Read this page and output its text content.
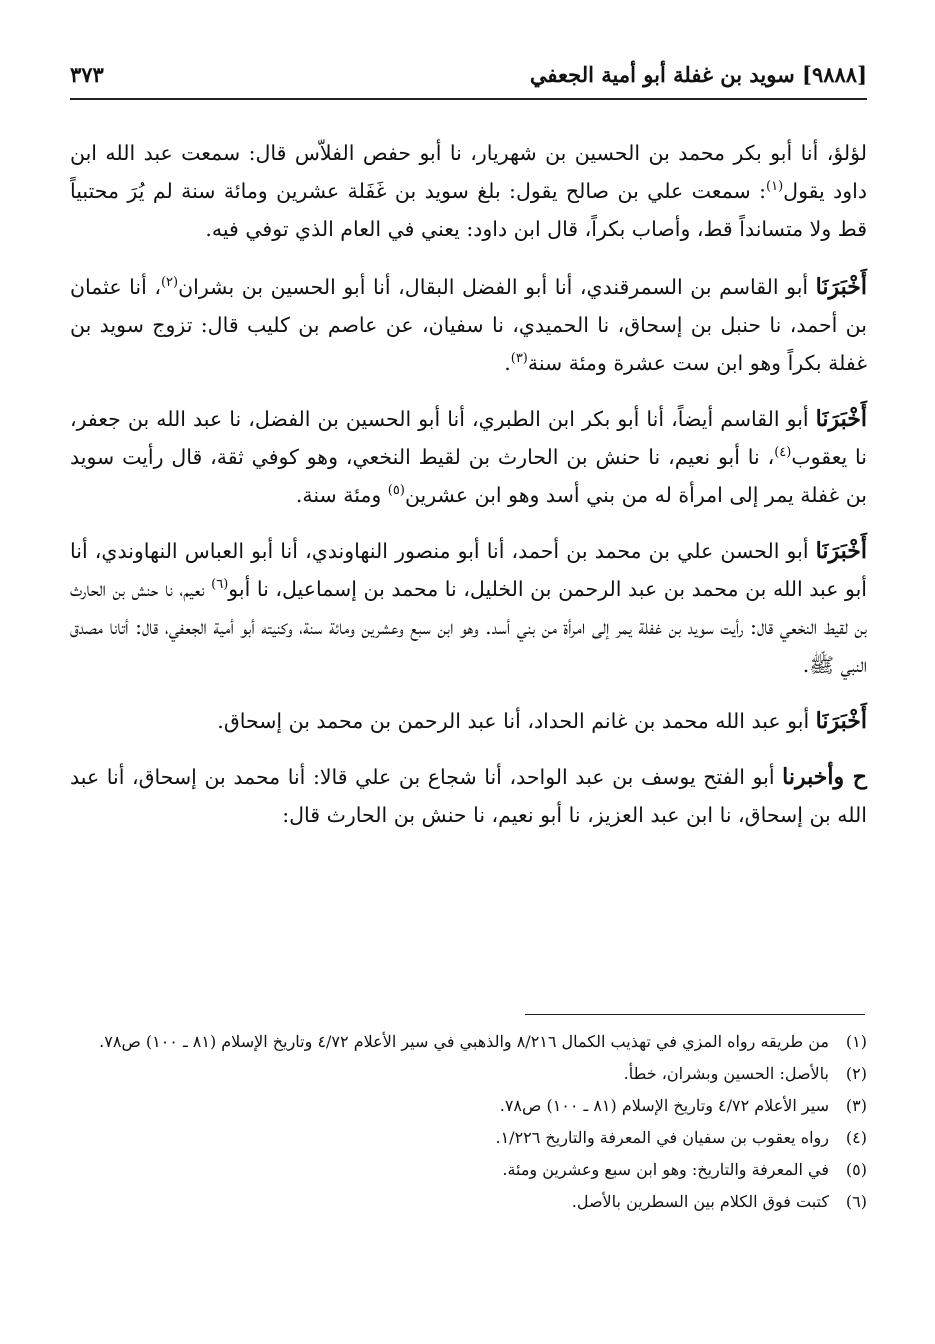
[٩٨٨٨] سويد بن غفلة أبو أمية الجعفي
٣٧٣

لؤلؤ، أنا أبو بكر محمد بن الحسين بن شهريار، نا أبو حفص الفلاّس قال: سمعت عبد الله ابن داود يقول$^{(١)}$: سمعت علي بن صالح يقول: بلغ سويد بن غَفَلة عشرين ومائة سنة لم يُرَ محتبياً قط ولا متسانداً قط، وأصاب بكراً، قال ابن داود: يعني في العام الذي توفي فيه.

أَخْبَرَنَا أبو القاسم بن السمرقندي، أنا أبو الفضل البقال، أنا أبو الحسين بن بشران$^{(٢)}$، أنا عثمان بن أحمد، نا حنبل بن إسحاق، نا الحميدي، نا سفيان، عن عاصم بن كليب قال: تزوج سويد بن غفلة بكراً وهو ابن ست عشرة ومئة سنة$^{(٣)}$.

أَخْبَرَنَا أبو القاسم أيضاً، أنا أبو بكر ابن الطبري، أنا أبو الحسين بن الفضل، نا عبد الله بن جعفر، نا يعقوب$^{(٤)}$، نا أبو نعيم، نا حنش بن الحارث بن لقيط النخعي، وهو كوفي ثقة، قال رأيت سويد بن غفلة يمر إلى امرأة له من بني أسد وهو ابن عشرين$^{(٥)}$ ومئة سنة.

أَخْبَرَنَا أبو الحسن علي بن محمد بن أحمد، أنا أبو منصور النهاوندي، أنا أبو العباس النهاوندي، أنا أبو عبد الله بن محمد بن عبد الرحمن بن الخليل، نا محمد بن إسماعيل، نا أبو$^{(٦)}$ نعيم، نا حنش بن الحارث بن لقيط النخعي قال: رأيت سويد بن غفلة يمر إلى امرأة من بني أسد. وهو ابن سبع وعشرين ومائة سنة، وكنيته أبو أمية الجعفي، قال: أتانا مصدق النبي ﷺ.

أَخْبَرَنَا أبو عبد الله محمد بن غانم الحداد، أنا عبد الرحمن بن محمد بن إسحاق.

ح وأخبرنا أبو الفتح يوسف بن عبد الواحد، أنا شجاع بن علي قالا: أنا محمد بن إسحاق، أنا عبد الله بن إسحاق، نا ابن عبد العزيز، نا أبو نعيم، نا حنش بن الحارث قال:

(١)
من طريقه رواه المزي في تهذيب الكمال ٨/٢١٦ والذهبي في سير الأعلام ٤/٧٢ وتاريخ الإسلام (٨١ ـ ١٠٠) ص٧٨.
(٢)
بالأصل: الحسين وبشران، خطأ.
(٣)
سير الأعلام ٤/٧٢ وتاريخ الإسلام (٨١ ـ ١٠٠) ص٧٨.
(٤)
رواه يعقوب بن سفيان في المعرفة والتاريخ ١/٢٢٦.
(٥)
في المعرفة والتاريخ: وهو ابن سبع وعشرين ومئة.
(٦)
كتبت فوق الكلام بين السطرين بالأصل.
